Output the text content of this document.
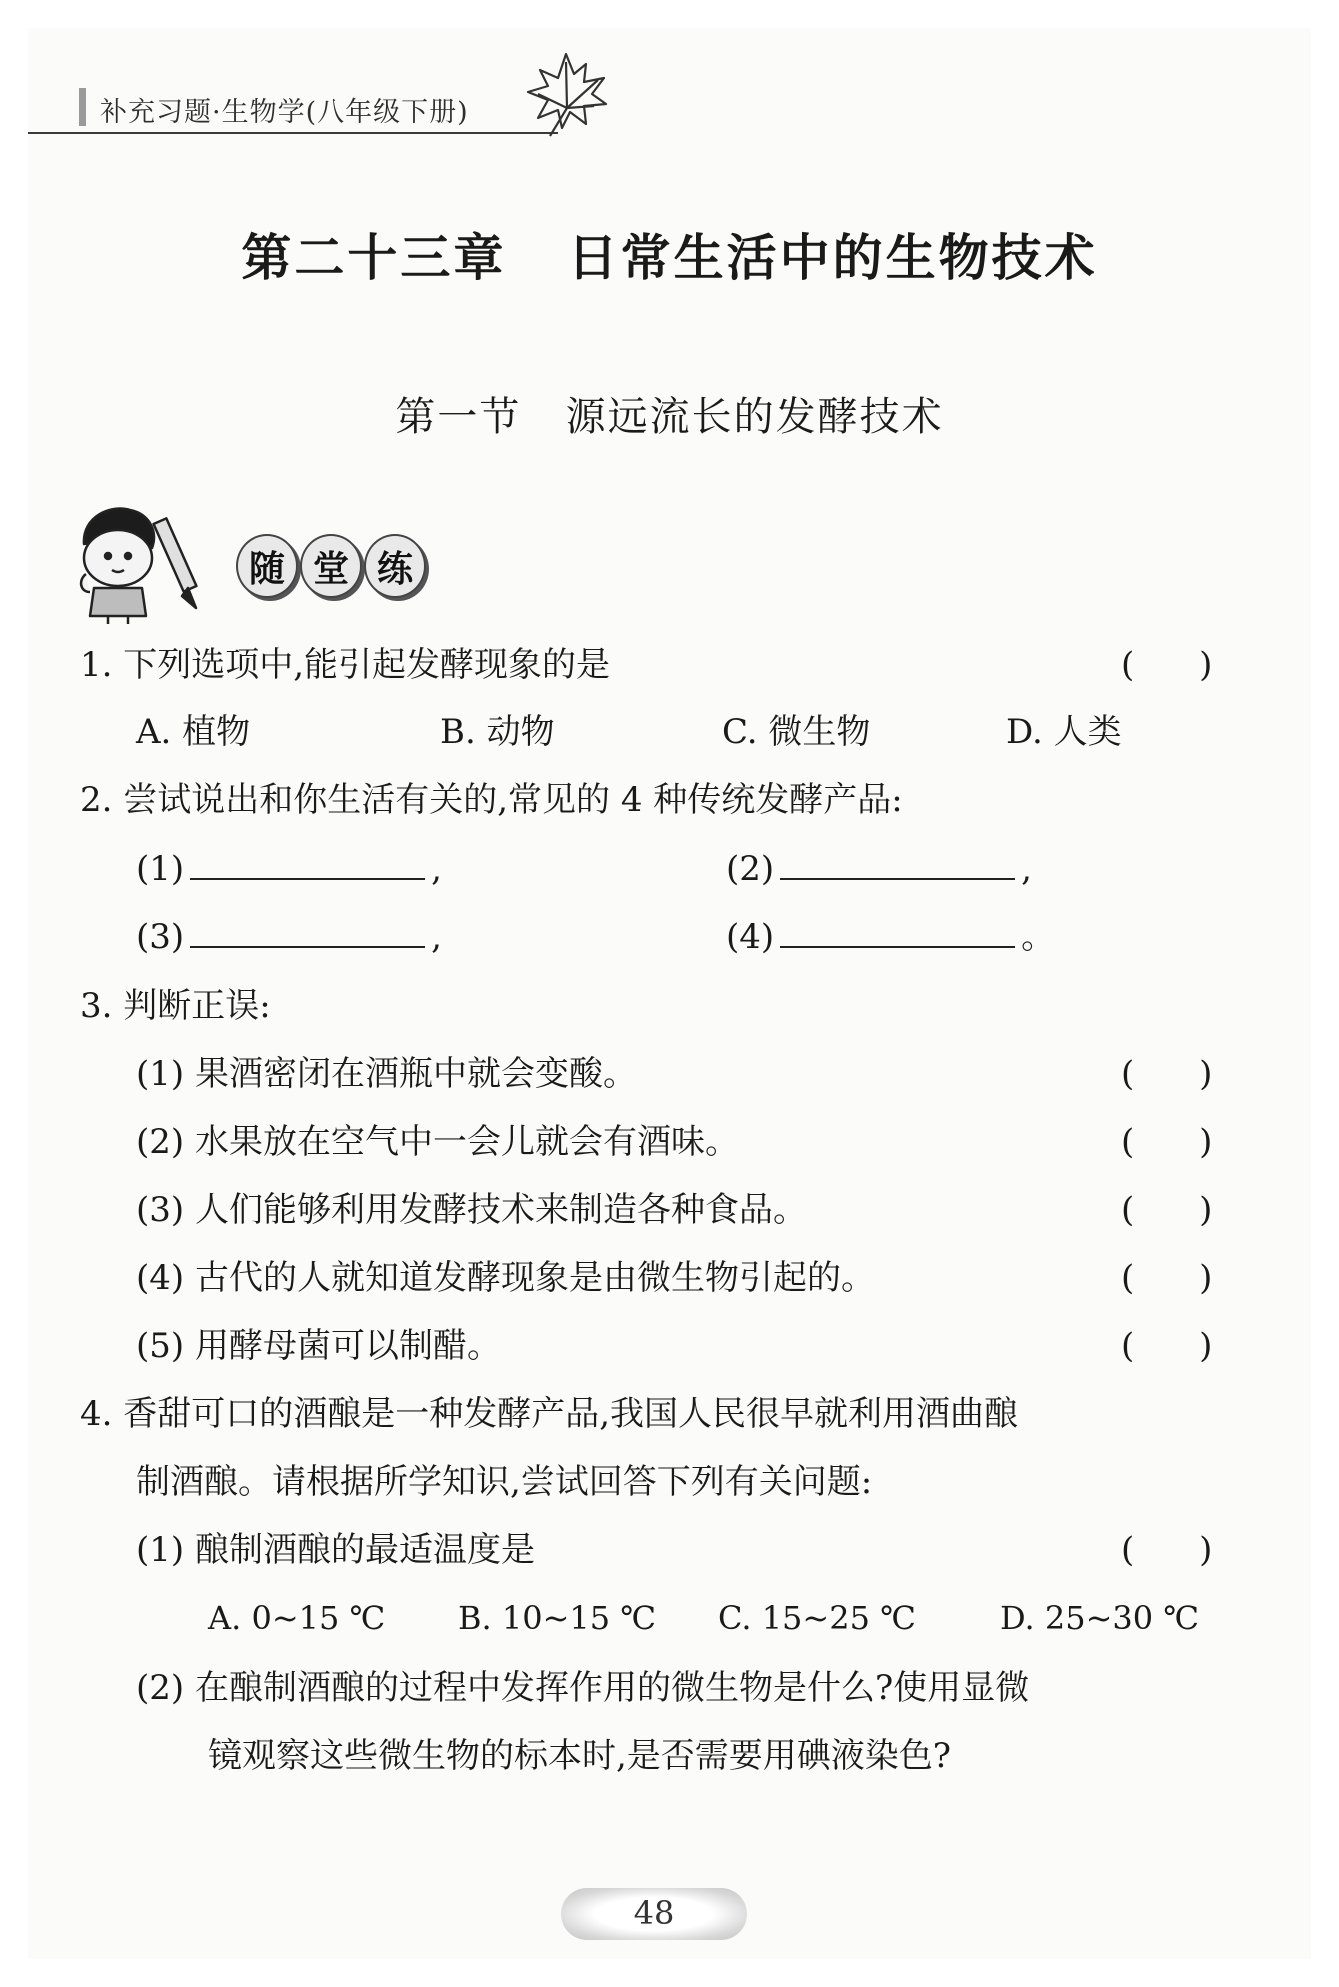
补充习题·生物学(八年级下册)
第二十三章   日常生活中的生物技术
第一节   源远流长的发酵技术
随 堂 练
1. 下列选项中,能引起发酵现象的是	(      )
A. 植物	B. 动物	C. 微生物	D. 人类
2. 尝试说出和你生活有关的,常见的 4 种传统发酵产品:
(1)	,	(2)	,
(3)	,	(4)	。
3. 判断正误:
(1) 果酒密闭在酒瓶中就会变酸。	(      )
(2) 水果放在空气中一会儿就会有酒味。	(      )
(3) 人们能够利用发酵技术来制造各种食品。	(      )
(4) 古代的人就知道发酵现象是由微生物引起的。	(      )
(5) 用酵母菌可以制醋。	(      )
4. 香甜可口的酒酿是一种发酵产品,我国人民很早就利用酒曲酿
制酒酿。请根据所学知识,尝试回答下列有关问题:
(1) 酿制酒酿的最适温度是	(      )
A. 0~15 ℃ B. 10~15 ℃ C. 15~25 ℃	D. 25~30 ℃
(2) 在酿制酒酿的过程中发挥作用的微生物是什么?使用显微
镜观察这些微生物的标本时,是否需要用碘液染色?
48
